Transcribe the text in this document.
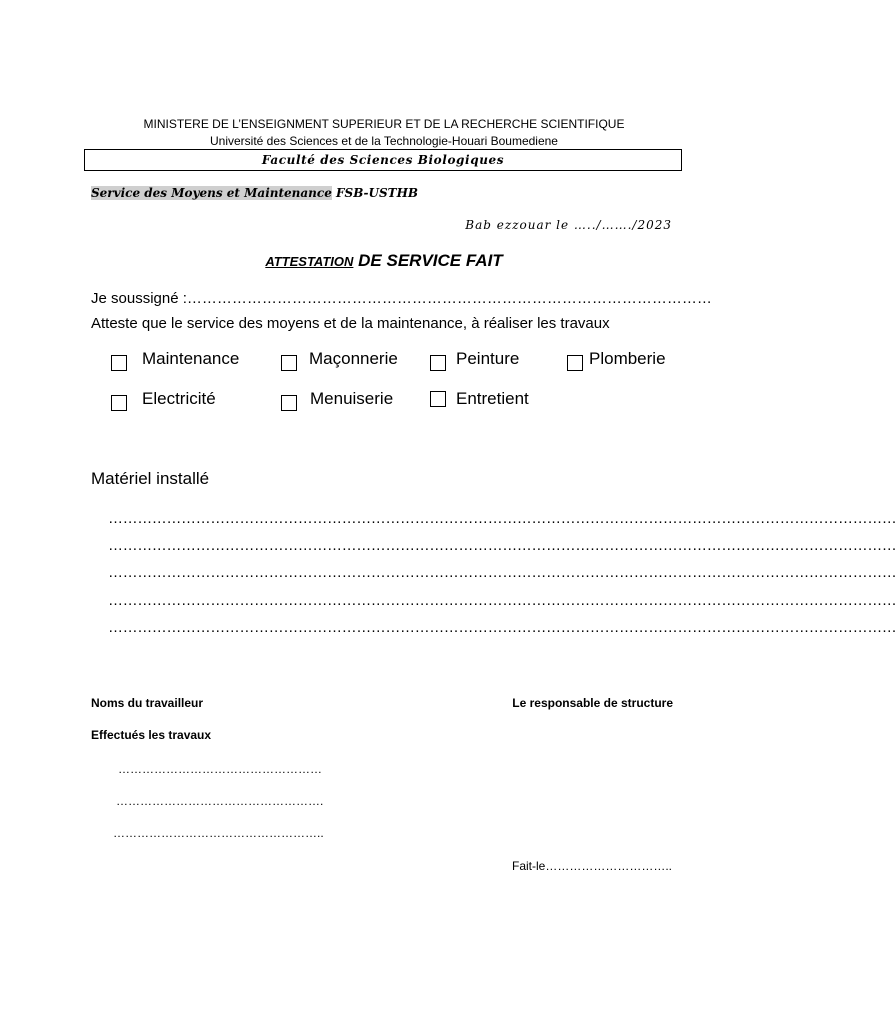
MINISTERE DE L’ENSEIGNMENT SUPERIEUR ET DE LA RECHERCHE SCIENTIFIQUE
Université des Sciences et de la Technologie-Houari Boumediene
Faculté des Sciences Biologiques
Service des Moyens et Maintenance FSB-USTHB
Bab ezzouar le …../……./2023
ATTESTATION DE SERVICE FAIT
Je soussigné :……………………………………………………………………………………………
Atteste que le service des moyens et de la maintenance, à réaliser les travaux
Maintenance	Maçonnerie	Peinture	Plomberie
Electricité	Menuiserie	Entretient
Matériel installé
………………………………………………………………………………………………………………………………………………
………………………………………………………………………………………………………………………………………………
………………………………………………………………………………………………………………………………………………
………………………………………………………………………………………………………………………………………………
………………………………………………………………………………………………………………………………………………
Noms du travailleur	Le responsable de structure
Effectués les travaux
……………………………………………
…………………………………………….
……………………………………………..
Fait-le…………………………..
